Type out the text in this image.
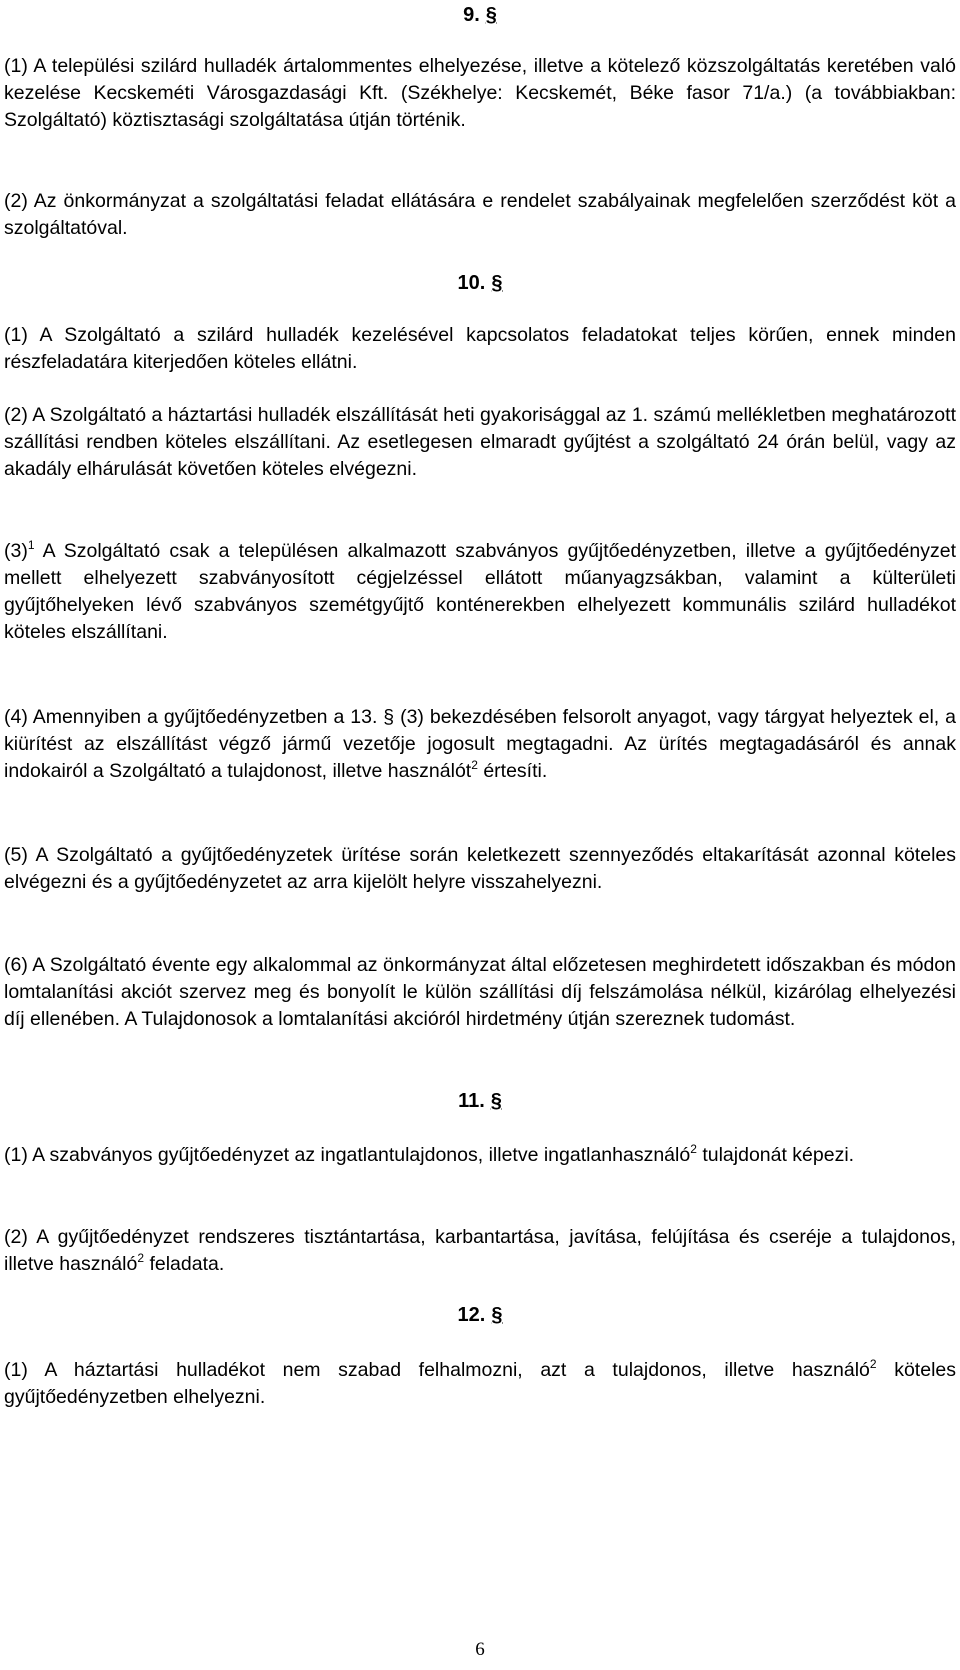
9. §

(1) A települési szilárd hulladék ártalommentes elhelyezése, illetve a kötelező közszolgáltatás keretében való kezelése Kecskeméti Városgazdasági Kft. (Székhelye: Kecskemét, Béke fasor 71/a.) (a továbbiakban: Szolgáltató) köztisztasági szolgáltatása útján történik.

(2) Az önkormányzat a szolgáltatási feladat ellátására e rendelet szabályainak megfelelően szerződést köt a szolgáltatóval.

10. §

(1) A Szolgáltató a szilárd hulladék kezelésével kapcsolatos feladatokat teljes körűen, ennek minden részfeladatára kiterjedően köteles ellátni.

(2) A Szolgáltató a háztartási hulladék elszállítását heti gyakorisággal az 1. számú mellékletben meghatározott szállítási rendben köteles elszállítani. Az esetlegesen elmaradt gyűjtést a szolgáltató 24 órán belül, vagy az akadály elhárulását követően köteles elvégezni.

$(3)^1$ A Szolgáltató csak a településen alkalmazott szabványos gyűjtőedényzetben, illetve a gyűjtőedényzet mellett elhelyezett szabványosított cégjelzéssel ellátott műanyagzsákban, valamint a külterületi gyűjtőhelyeken lévő szabványos szemétgyűjtő konténerekben elhelyezett kommunális szilárd hulladékot köteles elszállítani.

(4) Amennyiben a gyűjtőedényzetben a 13. § (3) bekezdésében felsorolt anyagot, vagy tárgyat helyeztek el, a kiürítést az elszállítást végző jármű vezetője jogosult megtagadni. Az ürítés megtagadásáról és annak indokairól a Szolgáltató a tulajdonost, illetve használót$^2$ értesíti.

(5) A Szolgáltató a gyűjtőedényzetek ürítése során keletkezett szennyeződés eltakarítását azonnal köteles elvégezni és a gyűjtőedényzetet az arra kijelölt helyre visszahelyezni.

(6) A Szolgáltató évente egy alkalommal az önkormányzat által előzetesen meghirdetett időszakban és módon lomtalanítási akciót szervez meg és bonyolít le külön szállítási díj felszámolása nélkül, kizárólag elhelyezési díj ellenében. A Tulajdonosok a lomtalanítási akcióról hirdetmény útján szereznek tudomást.

11. §

(1) A szabványos gyűjtőedényzet az ingatlantulajdonos, illetve ingatlanhasználó$^2$ tulajdonát képezi.

(2) A gyűjtőedényzet rendszeres tisztántartása, karbantartása, javítása, felújítása és cseréje a tulajdonos, illetve használó$^2$ feladata.

12. §

(1) A háztartási hulladékot nem szabad felhalmozni, azt a tulajdonos, illetve használó$^2$ köteles gyűjtőedényzetben elhelyezni.

6
